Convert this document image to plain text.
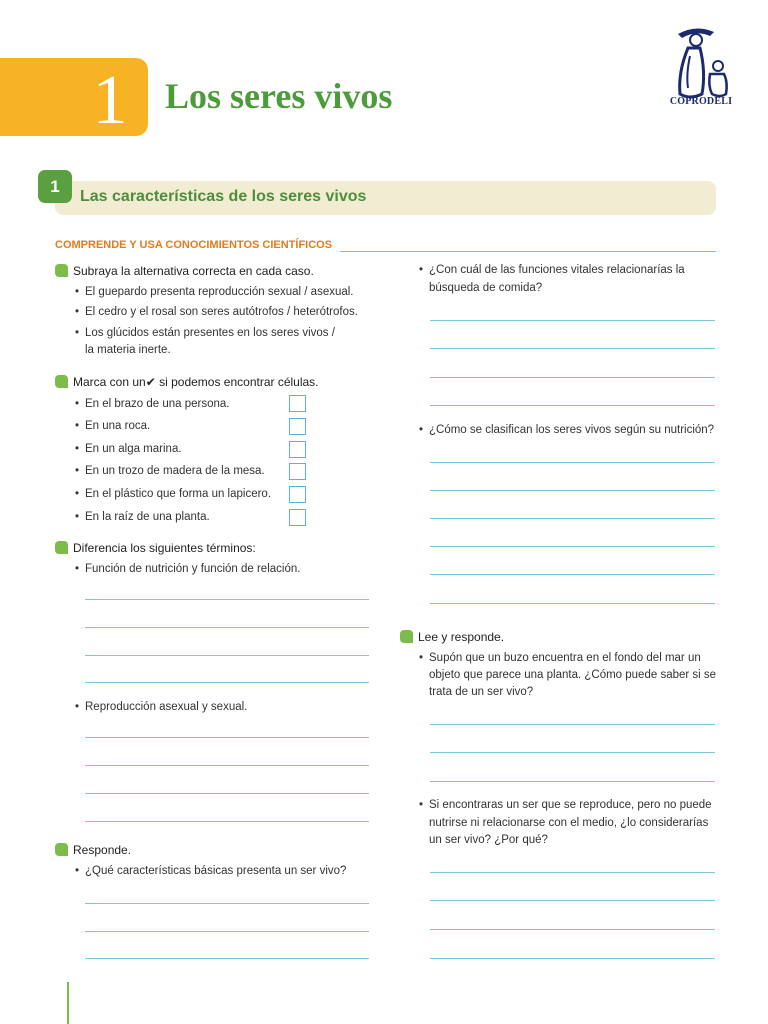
1	Los seres vivos	COPRODELI
1
Las características de los seres vivos
COMPRENDE Y USA CONOCIMIENTOS CIENTÍFICOS
Subraya la alternativa correcta en cada caso.
• El guepardo presenta reproducción sexual / asexual.
• El cedro y el rosal son seres autótrofos / heterótrofos.
• Los glúcidos están presentes en los seres vivos /
la materia inerte.
Marca con un✔ si podemos encontrar células.
• En el brazo de una persona.
• En una roca.
• En un alga marina.
• En un trozo de madera de la mesa.
• En el plástico que forma un lapicero.
• En la raíz de una planta.
Diferencia los siguientes términos:
• Función de nutrición y función de relación.
• Reproducción asexual y sexual.
Responde.
• ¿Qué características básicas presenta un ser vivo?
• ¿Con cuál de las funciones vitales relacionarías la
búsqueda de comida?
• ¿Cómo se clasifican los seres vivos según su nutrición?
Lee y responde.
• Supón que un buzo encuentra en el fondo del mar un
objeto que parece una planta. ¿Cómo puede saber si se
trata de un ser vivo?
• Si encontraras un ser que se reproduce, pero no puede
nutrirse ni relacionarse con el medio, ¿lo considerarías
un ser vivo? ¿Por qué?
